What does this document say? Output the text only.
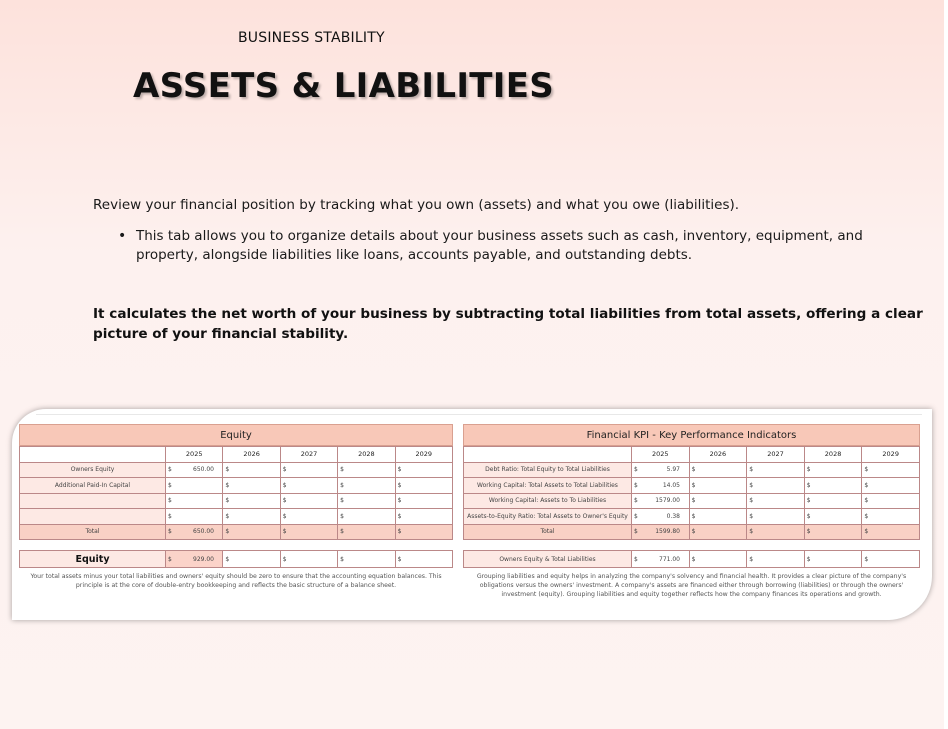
BUSINESS STABILITY
ASSETS & LIABILITIES
Review your financial position by tracking what you own (assets) and what you owe (liabilities).
• This tab allows you to organize details about your business assets such as cash, inventory, equipment, and property, alongside liabilities like loans, accounts payable, and outstanding debts.
It calculates the net worth of your business by subtracting total liabilities from total assets, offering a clear picture of your financial stability.
Equity
	2025	2026	2027	2028	2029
Owners Equity	$ 650.00	$	$	$	$
Additional Paid-In Capital	$	$	$	$	$
	$	$	$	$	$
	$	$	$	$	$
Total	$ 650.00	$	$	$	$
Equity	$	929.00	$	$	$	$
Your total assets minus your total liabilities and owners' equity should be zero to ensure that the accounting equation balances. This principle is at the core of double-entry bookkeeping and reflects the basic structure of a balance sheet.
Financial KPI - Key Performance Indicators
	2025	2026	2027	2028	2029
Debt Ratio: Total Equity to Total Liabilities	$ 5.97	$	$	$	$
Working Capital: Total Assets to Total Liabilities	$ 14.05	$	$	$	$
Working Capital: Assets to To Liabilities	$ 1579.00	$	$	$	$
Assets-to-Equity Ratio: Total Assets to Owner's Equity	$ 0.38	$	$	$	$
Total	$ 1599.80	$	$	$	$
Owners Equity & Total Liabilities	$	771.00	$	$	$	$
Grouping liabilities and equity helps in analyzing the company's solvency and financial health. It provides a clear picture of the company's obligations versus the owners' investment. A company's assets are financed either through borrowing (liabilities) or through the owners' investment (equity). Grouping liabilities and equity together reflects how the company finances its operations and growth.
